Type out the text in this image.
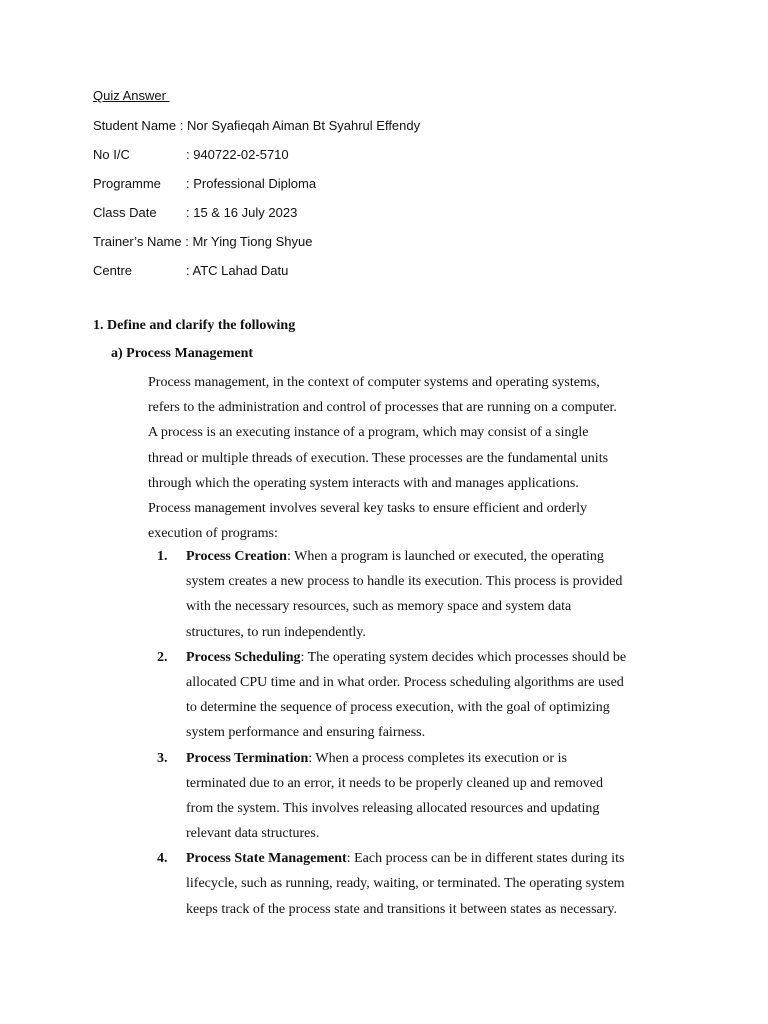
Quiz Answer
Student Name : Nor Syafieqah Aiman Bt Syahrul Effendy
No I/C	: 940722-02-5710
Programme : Professional Diploma
Class Date : 15 & 16 July 2023
Trainer’s Name : Mr Ying Tiong Shyue
Centre	: ATC Lahad Datu
1. Define and clarify the following
a) Process Management
Process management, in the context of computer systems and operating systems,
refers to the administration and control of processes that are running on a computer.
A process is an executing instance of a program, which may consist of a single
thread or multiple threads of execution. These processes are the fundamental units
through which the operating system interacts with and manages applications.
Process management involves several key tasks to ensure efficient and orderly
execution of programs:
1. Process Creation: When a program is launched or executed, the operating
system creates a new process to handle its execution. This process is provided
with the necessary resources, such as memory space and system data
structures, to run independently.
2. Process Scheduling: The operating system decides which processes should be
allocated CPU time and in what order. Process scheduling algorithms are used
to determine the sequence of process execution, with the goal of optimizing
system performance and ensuring fairness.
3. Process Termination: When a process completes its execution or is
terminated due to an error, it needs to be properly cleaned up and removed
from the system. This involves releasing allocated resources and updating
relevant data structures.
4. Process State Management: Each process can be in different states during its
lifecycle, such as running, ready, waiting, or terminated. The operating system
keeps track of the process state and transitions it between states as necessary.
